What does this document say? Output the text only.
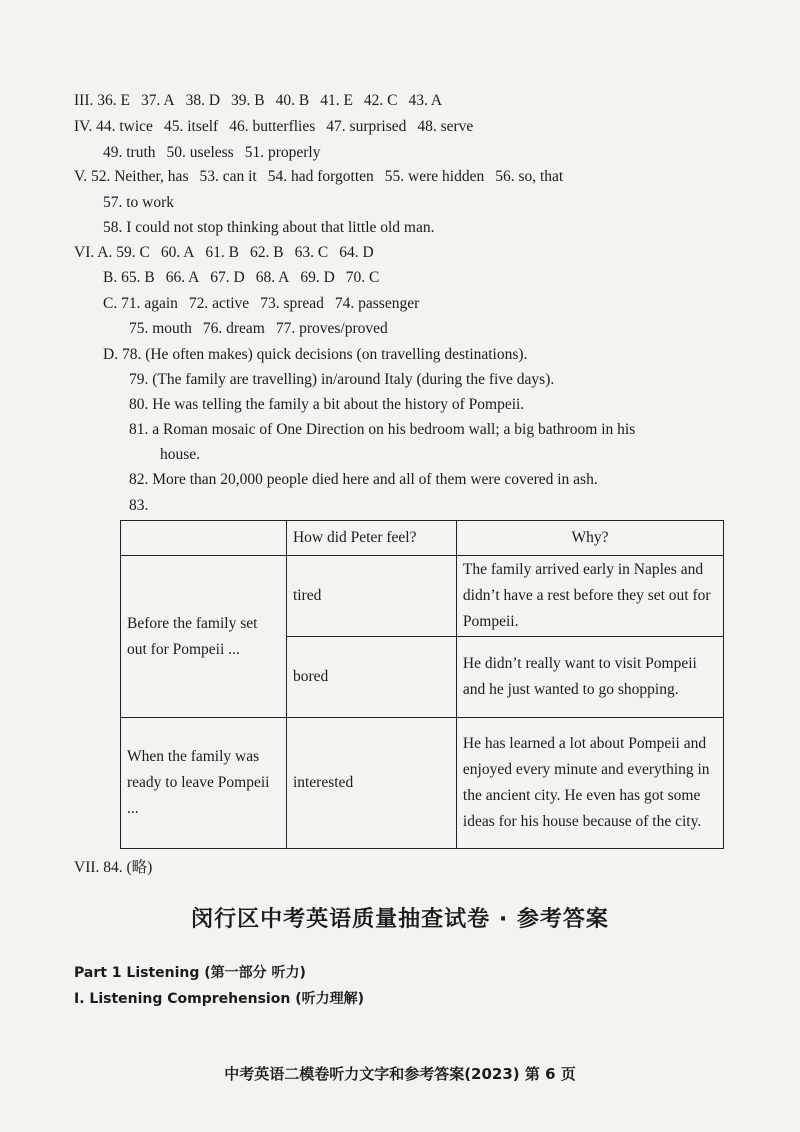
III. 36. E 37. A 38. D 39. B 40. B 41. E 42. C 43. A
IV. 44. twice 45. itself 46. butterflies 47. surprised 48. serve
49. truth 50. useless 51. properly
V. 52. Neither, has 53. can it 54. had forgotten 55. were hidden 56. so, that
57. to work
58. I could not stop thinking about that little old man.
VI. A. 59. C 60. A 61. B 62. B 63. C 64. D
B. 65. B 66. A 67. D 68. A 69. D 70. C
C. 71. again 72. active 73. spread 74. passenger
75. mouth 76. dream 77. proves/proved
D. 78. (He often makes) quick decisions (on travelling destinations).
79. (The family are travelling) in/around Italy (during the five days).
80. He was telling the family a bit about the history of Pompeii.
81. a Roman mosaic of One Direction on his bedroom wall; a big bathroom in his
house.
82. More than 20,000 people died here and all of them were covered in ash.
83.
	How did Peter feel?	Why?
Before the family set out for Pompeii ...	tired	The family arrived early in Naples and didn’t have a rest before they set out for Pompeii.
	bored	He didn’t really want to visit Pompeii and he just wanted to go shopping.
When the family was ready to leave Pompeii ...	interested	He has learned a lot about Pompeii and enjoyed every minute and everything in the ancient city. He even has got some ideas for his house because of the city.
VII. 84. (略)
闵行区中考英语质量抽查试卷 · 参考答案
Part 1 Listening (第一部分 听力)
Ⅰ. Listening Comprehension (听力理解)
中考英语二模卷听力文字和参考答案(2023) 第 6 页
